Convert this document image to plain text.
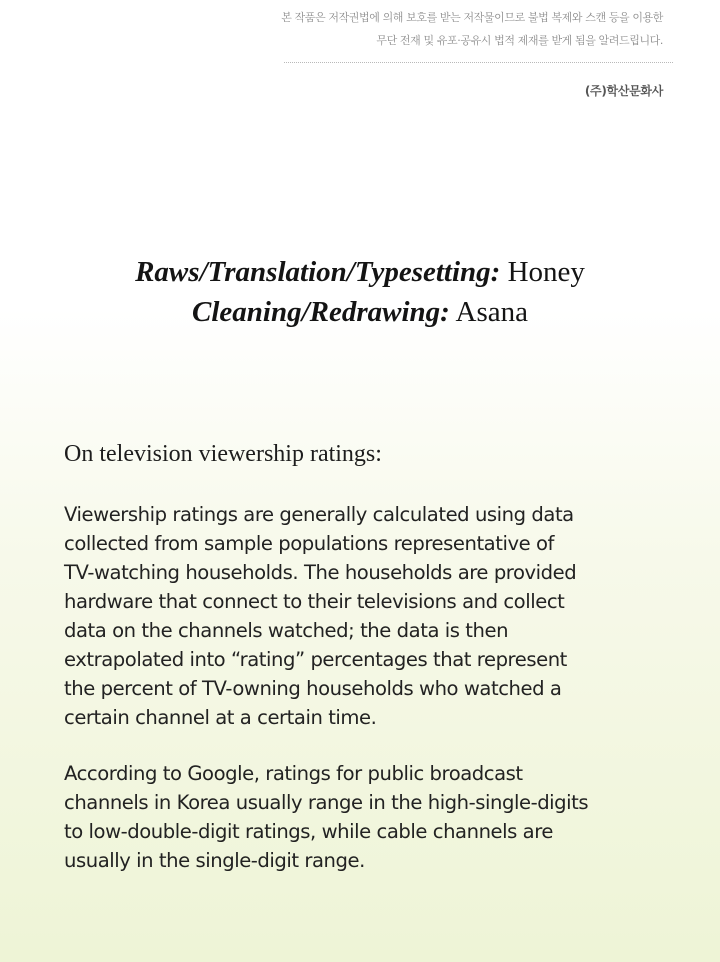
본 작품은 저작권법에 의해 보호를 받는 저작물이므로 불법 복제와 스캔 등을 이용한
무단 전재 및 유포·공유시 법적 제재를 받게 됨을 알려드립니다.
(주)학산문화사
Raws/Translation/Typesetting: Honey
Cleaning/Redrawing: Asana
On television viewership ratings:
Viewership ratings are generally calculated using data
collected from sample populations representative of
TV-watching households. The households are provided
hardware that connect to their televisions and collect
data on the channels watched; the data is then
extrapolated into “rating” percentages that represent
the percent of TV-owning households who watched a
certain channel at a certain time.
According to Google, ratings for public broadcast
channels in Korea usually range in the high-single-digits
to low-double-digit ratings, while cable channels are
usually in the single-digit range.
